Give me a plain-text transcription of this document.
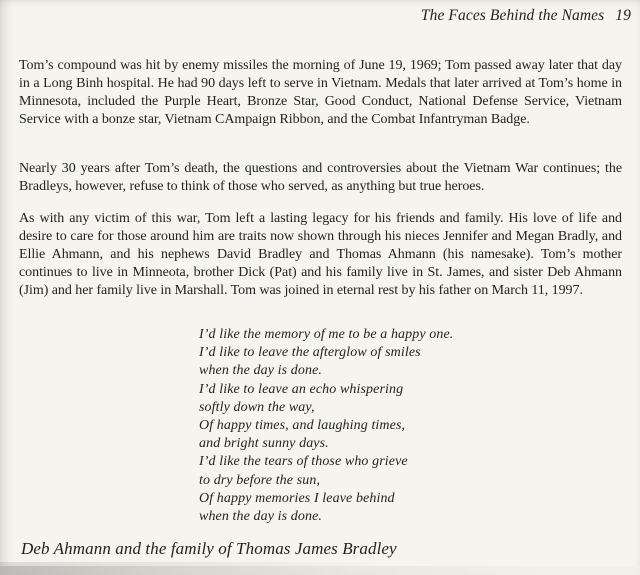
The Faces Behind the Names 19
Tom’s compound was hit by enemy missiles the morning of June 19, 1969; Tom passed away later that day in a Long Binh hospital. He had 90 days left to serve in Vietnam. Medals that later arrived at Tom’s home in Minnesota, included the Purple Heart, Bronze Star, Good Conduct, National Defense Service, Vietnam Service with a bonze star, Vietnam CAmpaign Ribbon, and the Combat Infantryman Badge.
Nearly 30 years after Tom’s death, the questions and controversies about the Vietnam War continues; the Bradleys, however, refuse to think of those who served, as anything but true heroes.
As with any victim of this war, Tom left a lasting legacy for his friends and family. His love of life and desire to care for those around him are traits now shown through his nieces Jennifer and Megan Bradly, and Ellie Ahmann, and his nephews David Bradley and Thomas Ahmann (his namesake). Tom’s mother continues to live in Minneota, brother Dick (Pat) and his family live in St. James, and sister Deb Ahmann (Jim) and her family live in Marshall. Tom was joined in eternal rest by his father on March 11, 1997.
I’d like the memory of me to be a happy one.
I’d like to leave the afterglow of smiles
when the day is done.
I’d like to leave an echo whispering
softly down the way,
Of happy times, and laughing times,
and bright sunny days.
I’d like the tears of those who grieve
to dry before the sun,
Of happy memories I leave behind
when the day is done.
Deb Ahmann and the family of Thomas James Bradley
